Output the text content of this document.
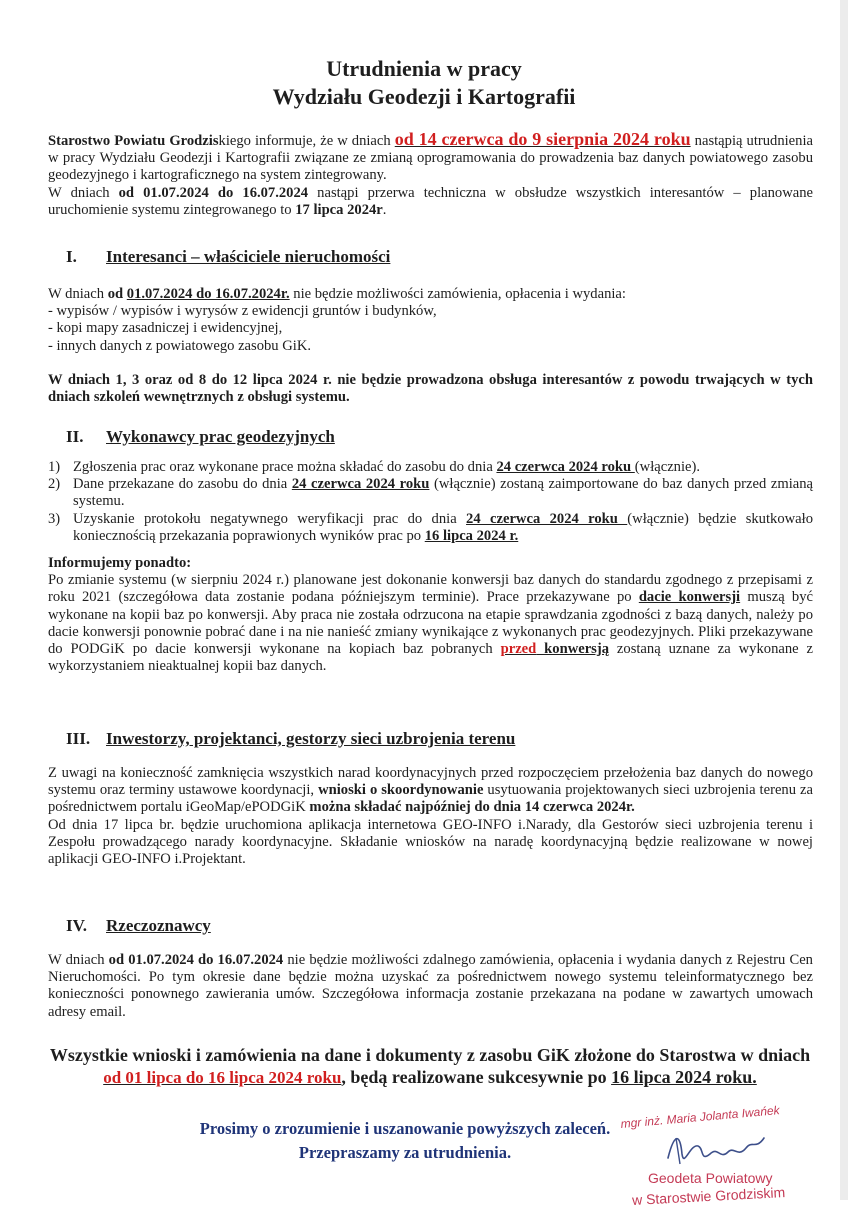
Utrudnienia w pracy
Wydziału Geodezji i Kartografii

Starostwo Powiatu Grodziskiego informuje, że w dniach od 14 czerwca do 9 sierpnia 2024 roku nastąpią utrudnienia w pracy Wydziału Geodezji i Kartografii związane ze zmianą oprogramowania do prowadzenia baz danych powiatowego zasobu geodezyjnego i kartograficznego na system zintegrowany.

W dniach od 01.07.2024 do 16.07.2024 nastąpi przerwa techniczna w obsłudze wszystkich interesantów – planowane uruchomienie systemu zintegrowanego to 17 lipca 2024r.

I. Interesanci – właściciele nieruchomości

W dniach od 01.07.2024 do 16.07.2024r. nie będzie możliwości zamówienia, opłacenia i wydania:

- wypisów / wypisów i wyrysów z ewidencji gruntów i budynków,

- kopi mapy zasadniczej i ewidencyjnej,

- innych danych z powiatowego zasobu GiK.

W dniach 1, 3 oraz od 8 do 12 lipca 2024 r. nie będzie prowadzona obsługa interesantów z powodu trwających w tych dniach szkoleń wewnętrznych z obsługi systemu.
II. Wykonawcy prac geodezyjnych

1) Zgłoszenia prac oraz wykonane prace można składać do zasobu do dnia 24 czerwca 2024 roku (włącznie).

2) Dane przekazane do zasobu do dnia 24 czerwca 2024 roku (włącznie) zostaną zaimportowane do baz danych przed zmianą systemu.

3) Uzyskanie protokołu negatywnego weryfikacji prac do dnia 24 czerwca 2024 roku (włącznie) będzie skutkowało koniecznością przekazania poprawionych wyników prac po 16 lipca 2024 r.

Informujemy ponadto:

Po zmianie systemu (w sierpniu 2024 r.) planowane jest dokonanie konwersji baz danych do standardu zgodnego z przepisami z roku 2021 (szczegółowa data zostanie podana późniejszym terminie). Prace przekazywane po dacie konwersji muszą być wykonane na kopii baz po konwersji. Aby praca nie została odrzucona na etapie sprawdzania zgodności z bazą danych, należy po dacie konwersji ponownie pobrać dane i na nie nanieść zmiany wynikające z wykonanych prac geodezyjnych. Pliki przekazywane do PODGiK po dacie konwersji wykonane na kopiach baz pobranych przed konwersją zostaną uznane za wykonane z wykorzystaniem nieaktualnej kopii baz danych.

III. Inwestorzy, projektanci, gestorzy sieci uzbrojenia terenu

Z uwagi na konieczność zamknięcia wszystkich narad koordynacyjnych przed rozpoczęciem przełożenia baz danych do nowego systemu oraz terminy ustawowe koordynacji, wnioski o skoordynowanie usytuowania projektowanych sieci uzbrojenia terenu za pośrednictwem portalu iGeoMap/ePODGiK można składać najpóźniej do dnia 14 czerwca 2024r.

Od dnia 17 lipca br. będzie uruchomiona aplikacja internetowa GEO-INFO i.Narady, dla Gestorów sieci uzbrojenia terenu i Zespołu prowadzącego narady koordynacyjne. Składanie wniosków na naradę koordynacyjną będzie realizowane w nowej aplikacji GEO-INFO i.Projektant.

IV. Rzeczoznawcy

W dniach od 01.07.2024 do 16.07.2024 nie będzie możliwości zdalnego zamówienia, opłacenia i wydania danych z Rejestru Cen Nieruchomości. Po tym okresie dane będzie można uzyskać za pośrednictwem nowego systemu teleinformatycznego bez konieczności ponownego zawierania umów. Szczegółowa informacja zostanie przekazana na podane w zawartych umowach adresy email.

Wszystkie wnioski i zamówienia na dane i dokumenty z zasobu GiK złożone do Starostwa w dniach od 01 lipca do 16 lipca 2024 roku, będą realizowane sukcesywnie po 16 lipca 2024 roku.
Prosimy o zrozumienie i uszanowanie powyższych zaleceń.
Przepraszamy za utrudnienia.
mgr inż. Maria Jolanta Iwańek
Geodeta Powiatowy
w Starostwie Grodziskim
